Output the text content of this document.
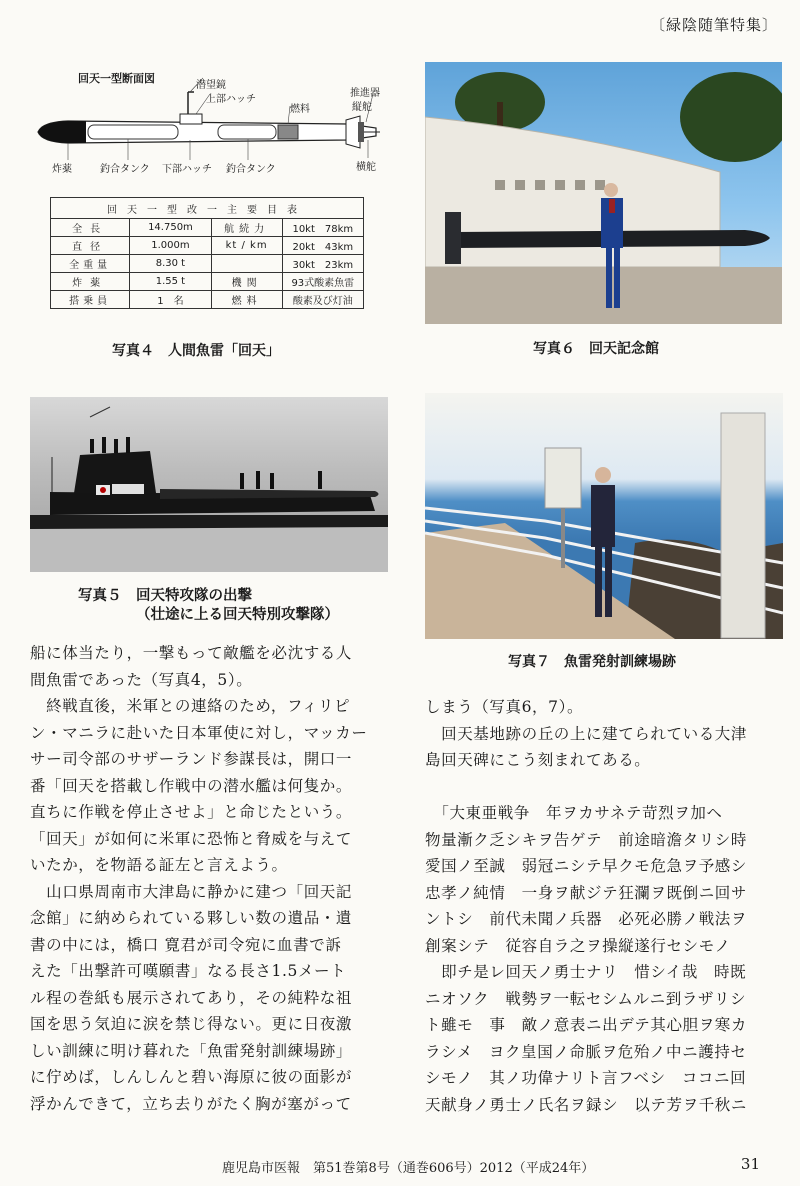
〔緑陰随筆特集〕
回天一型断面図
潜望鏡
上部ハッチ
燃料
推進器
縦舵
炸薬	釣合タンク 下部ハッチ 釣合タンク	横舵
回天一型改一主要目表			
全長	14.750m	航続力	10kt　78km
直径	1.000m	kt / km	20kt　43km
全重量	8.30 t		30kt　23km
炸薬	1.55 t	機関	93式酸素魚雷
搭乗員	1　名	燃料	酸素及び灯油
写真４　人間魚雷「回天」	写真６　回天記念館
写真５　回天特攻隊の出撃
（壮途に上る回天特別攻撃隊）
写真７　魚雷発射訓練場跡

船に体当たり，一撃もって敵艦を必沈する人

間魚雷であった（写真4，5）。

　終戦直後，米軍との連絡のため，フィリピ

ン・マニラに赴いた日本軍使に対し，マッカー

サー司令部のサザーランド参謀長は，開口一

番「回天を搭載し作戦中の潜水艦は何隻か。

直ちに作戦を停止させよ」と命じたという。

「回天」が如何に米軍に恐怖と脅威を与えて

いたか，を物語る証左と言えよう。

　山口県周南市大津島に静かに建つ「回天記

念館」に納められている夥しい数の遺品・遺

書の中には，橋口 寛君が司令宛に血書で訴

えた「出撃許可嘆願書」なる長さ1.5メート

ル程の巻紙も展示されてあり，その純粋な祖

国を思う気迫に涙を禁じ得ない。更に日夜激

しい訓練に明け暮れた「魚雷発射訓練場跡」

に佇めば，しんしんと碧い海原に彼の面影が

浮かんできて，立ち去りがたく胸が塞がって

しまう（写真6，7）。

　回天基地跡の丘の上に建てられている大津

島回天碑にこう刻まれてある。

　「大東亜戦争　年ヲカサネテ苛烈ヲ加ヘ

物量漸ク乏シキヲ告ゲテ　前途暗澹タリシ時

愛国ノ至誠　弱冠ニシテ早クモ危急ヲ予感シ

忠孝ノ純情　一身ヲ献ジテ狂瀾ヲ既倒ニ回サ

ントシ　前代未聞ノ兵器　必死必勝ノ戦法ヲ

創案シテ　従容自ラ之ヲ操縦遂行セシモノ

　即チ是レ回天ノ勇士ナリ　惜シイ哉　時既

ニオソク　戦勢ヲ一転セシムルニ到ラザリシ

ト雖モ　事　敵ノ意表ニ出デテ其心胆ヲ寒カ

ラシメ　ヨク皇国ノ命脈ヲ危殆ノ中ニ護持セ

シモノ　其ノ功偉ナリト言フベシ　ココニ回

天献身ノ勇士ノ氏名ヲ録シ　以テ芳ヲ千秋ニ

鹿児島市医報　第51巻第8号（通巻606号）2012（平成24年）	31
